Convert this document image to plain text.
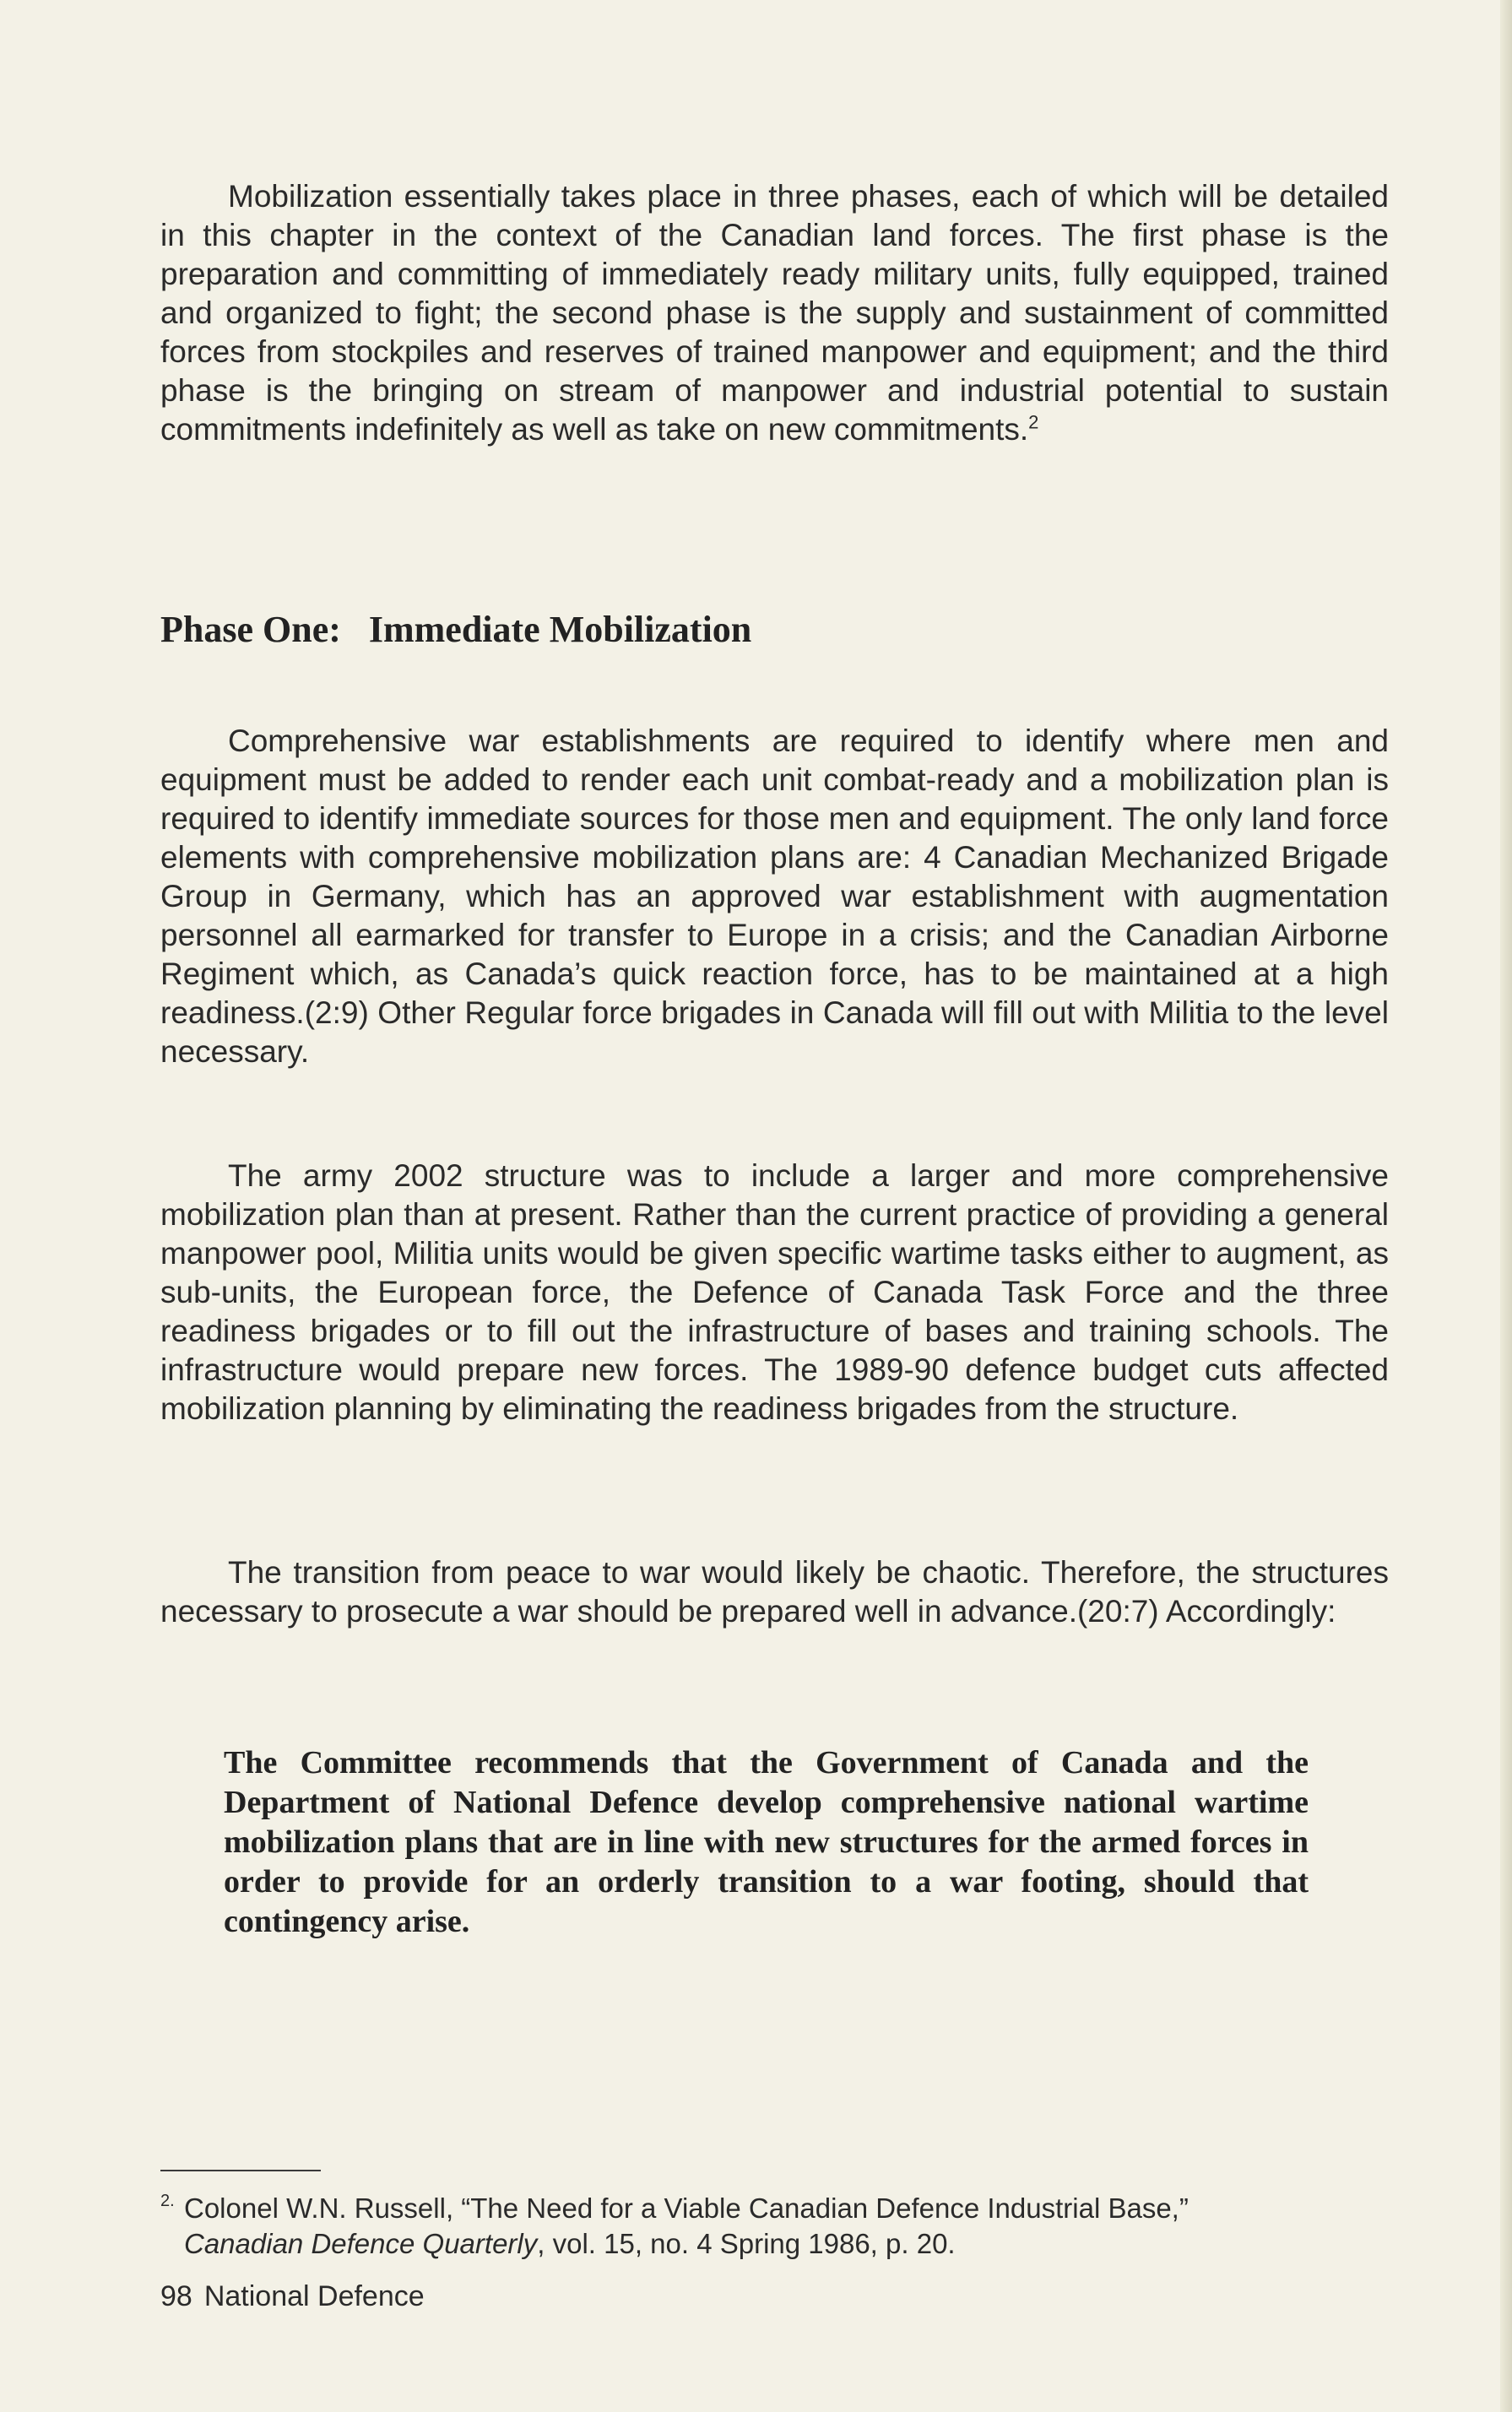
Mobilization essentially takes place in three phases, each of which will be detailed in this chapter in the context of the Canadian land forces. The first phase is the preparation and committing of immediately ready military units, fully equipped, trained and organized to fight; the second phase is the supply and sustainment of committed forces from stockpiles and reserves of trained manpower and equipment; and the third phase is the bringing on stream of manpower and industrial potential to sustain commitments indefinitely as well as take on new commitments.$^2$

Phase One:   Immediate Mobilization

Comprehensive war establishments are required to identify where men and equipment must be added to render each unit combat-ready and a mobilization plan is required to identify immediate sources for those men and equipment. The only land force elements with comprehensive mobilization plans are: 4 Canadian Mechanized Brigade Group in Germany, which has an approved war establishment with augmentation personnel all earmarked for transfer to Europe in a crisis; and the Canadian Airborne Regiment which, as Canada’s quick reaction force, has to be maintained at a high readiness.(2:9) Other Regular force brigades in Canada will fill out with Militia to the level necessary.

The army 2002 structure was to include a larger and more comprehensive mobilization plan than at present. Rather than the current practice of providing a general manpower pool, Militia units would be given specific wartime tasks either to augment, as sub-units, the European force, the Defence of Canada Task Force and the three readiness brigades or to fill out the infrastructure of bases and training schools. The infrastructure would prepare new forces. The 1989-90 defence budget cuts affected mobilization planning by eliminating the readiness brigades from the structure.

The transition from peace to war would likely be chaotic. Therefore, the structures necessary to prosecute a war should be prepared well in advance.(20:7) Accordingly:

The Committee recommends that the Government of Canada and the Department of National Defence develop comprehensive national wartime mobilization plans that are in line with new structures for the armed forces in order to provide for an orderly transition to a war footing, should that contingency arise.

2. Colonel W.N. Russell, “The Need for a Viable Canadian Defence Industrial Base,”
Canadian Defence Quarterly, vol. 15, no. 4 Spring 1986, p. 20.
98 National Defence
